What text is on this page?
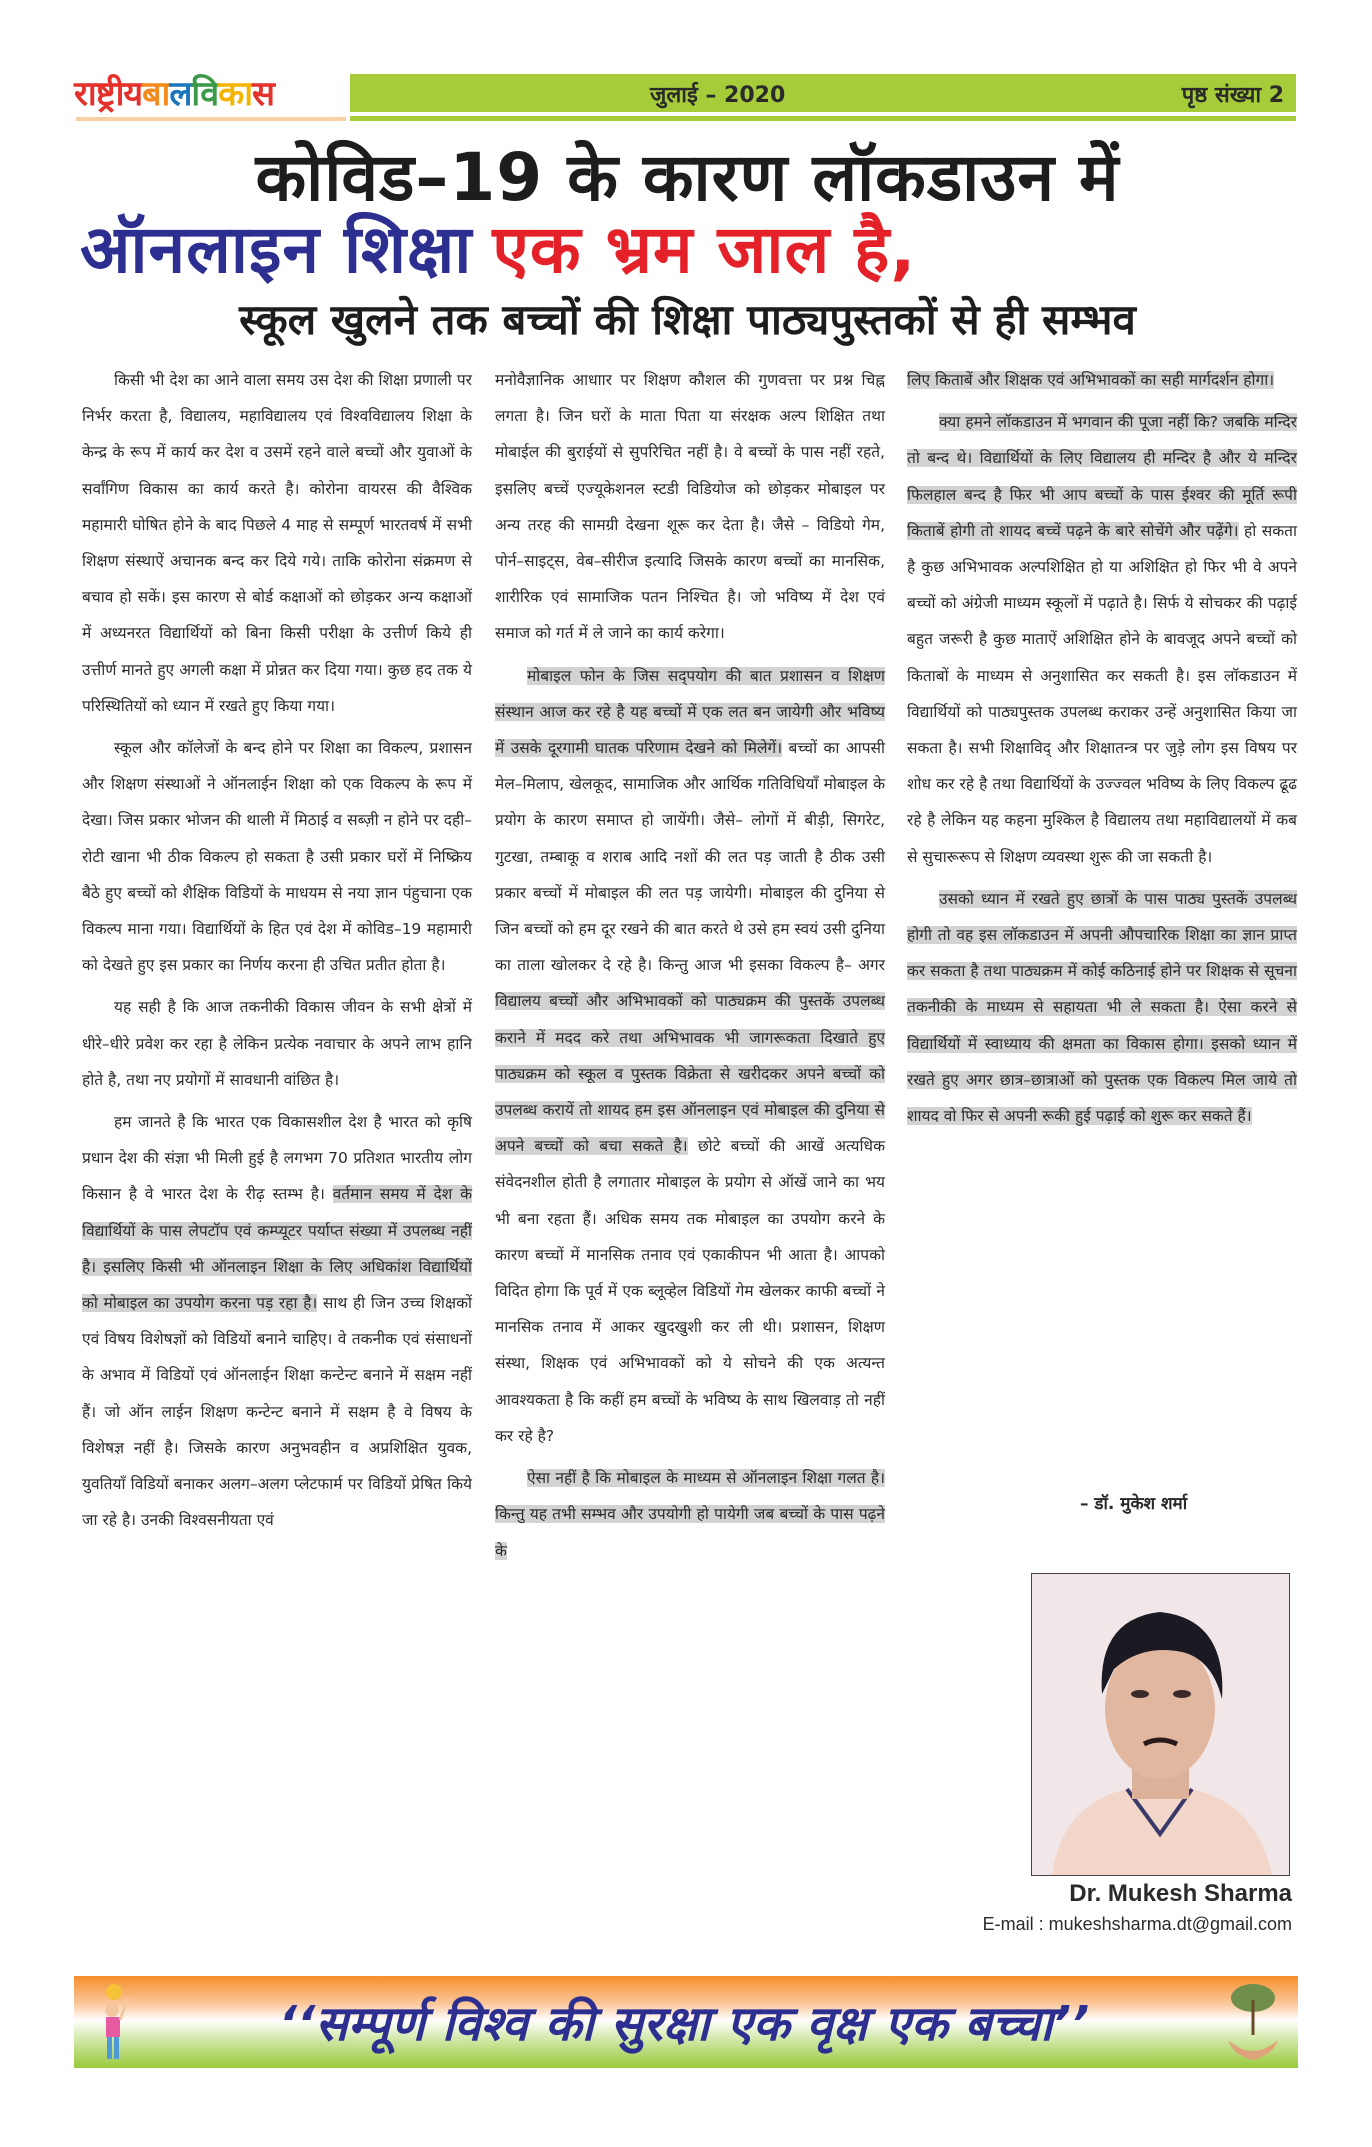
राष्ट्रीयबालविकास	जुलाई – 2020	पृष्ठ संख्या 2
कोविड–19 के कारण लॉकडाउन में
ऑनलाइन शिक्षा एक भ्रम जाल है,
स्कूल खुलने तक बच्चों की शिक्षा पाठ्यपुस्तकों से ही सम्भव

किसी भी देश का आने वाला समय उस देश की शिक्षा प्रणाली पर निर्भर करता है, विद्यालय, महाविद्यालय एवं विश्वविद्यालय शिक्षा के केन्द्र के रूप में कार्य कर देश व उसमें रहने वाले बच्चों और युवाओं के सर्वांगिण विकास का कार्य करते है। कोरोना वायरस की वैश्विक महामारी घोषित होने के बाद पिछले 4 माह से सम्पूर्ण भारतवर्ष में सभी शिक्षण संस्थाऐं अचानक बन्द कर दिये गये। ताकि कोरोना संक्रमण से बचाव हो सकें। इस कारण से बोर्ड कक्षाओं को छोड़कर अन्य कक्षाओं में अध्यनरत विद्यार्थियों को बिना किसी परीक्षा के उत्तीर्ण किये ही उत्तीर्ण मानते हुए अगली कक्षा में प्रोन्नत कर दिया गया। कुछ हद तक ये परिस्थितियों को ध्यान में रखते हुए किया गया।

स्कूल और कॉलेजों के बन्द होने पर शिक्षा का विकल्प, प्रशासन और शिक्षण संस्थाओं ने ऑनलाईन शिक्षा को एक विकल्प के रूप में देखा। जिस प्रकार भोजन की थाली में मिठाई व सब्ज़ी न होने पर दही–रोटी खाना भी ठीक विकल्प हो सकता है उसी प्रकार घरों में निष्क्रिय बैठे हुए बच्चों को शैक्षिक विडियों के माधयम से नया ज्ञान पंहुचाना एक विकल्प माना गया। विद्यार्थियों के हित एवं देश में कोविड–19 महामारी को देखते हुए इस प्रकार का निर्णय करना ही उचित प्रतीत होता है।

यह सही है कि आज तकनीकी विकास जीवन के सभी क्षेत्रों में धीरे–धीरे प्रवेश कर रहा है लेकिन प्रत्येक नवाचार के अपने लाभ हानि होते है, तथा नए प्रयोगों में सावधानी वांछित है।

हम जानते है कि भारत एक विकासशील देश है भारत को कृषि प्रधान देश की संज्ञा भी मिली हुई है लगभग 70 प्रतिशत भारतीय लोग किसान है वे भारत देश के रीढ़ स्तम्भ है। वर्तमान समय में देश के विद्यार्थियों के पास लेपटॉप एवं कम्प्यूटर पर्याप्त संख्या में उपलब्ध नहीं है। इसलिए किसी भी ऑनलाइन शिक्षा के लिए अधिकांश विद्यार्थियों को मोबाइल का उपयोग करना पड़ रहा है। साथ ही जिन उच्च शिक्षकों एवं विषय विशेषज्ञों को विडियों बनाने चाहिए। वे तकनीक एवं संसाधनों के अभाव में विडियों एवं ऑनलाईन शिक्षा कन्टेन्ट बनाने में सक्षम नहीं हैं। जो ऑन लाईन शिक्षण कन्टेन्ट बनाने में सक्षम है वे विषय के विशेषज्ञ नहीं है। जिसके कारण अनुभवहीन व अप्रशिक्षित युवक, युवतियाँ विडियों बनाकर अलग–अलग प्लेटफार्म पर विडियों प्रेषित किये जा रहे है। उनकी विश्वसनीयता एवं

मनोवैज्ञानिक आधाार पर शिक्षण कौशल की गुणवत्ता पर प्रश्न चिह्न लगता है। जिन घरों के माता पिता या संरक्षक अल्प शिक्षित तथा मोबाईल की बुराईयों से सुपरिचित नहीं है। वे बच्चों के पास नहीं रहते, इसलिए बच्चें एज्यूकेशनल स्टडी विडियोज को छोड़कर मोबाइल पर अन्य तरह की सामग्री देखना शूरू कर देता है। जैसे – विडियो गेम, पोर्न–साइट्स, वेब–सीरीज इत्यादि जिसके कारण बच्चों का मानसिक, शारीरिक एवं सामाजिक पतन निश्चित है। जो भविष्य में देश एवं समाज को गर्त में ले जाने का कार्य करेगा।

मोबाइल फोन के जिस सद्पयोग की बात प्रशासन व शिक्षण संस्थान आज कर रहे है यह बच्चों में एक लत बन जायेगी और भविष्य में उसके दूरगामी घातक परिणाम देखने को मिलेगें। बच्चों का आपसी मेल–मिलाप, खेलकूद, सामाजिक और आर्थिक गतिविधियाँ मोबाइल के प्रयोग के कारण समाप्त हो जायेंगी। जैसे– लोगों में बीड़ी, सिगरेट, गुटखा, तम्बाकू व शराब आदि नशों की लत पड़ जाती है ठीक उसी प्रकार बच्चों में मोबाइल की लत पड़ जायेगी। मोबाइल की दुनिया से जिन बच्चों को हम दूर रखने की बात करते थे उसे हम स्वयं उसी दुनिया का ताला खोलकर दे रहे है। किन्तु आज भी इसका विकल्प है– अगर विद्यालय बच्चों और अभिभावकों को पाठ्यक्रम की पुस्तकें उपलब्ध कराने में मदद करे तथा अभिभावक भी जागरूकता दिखाते हुए पाठ्यक्रम को स्कूल व पुस्तक विक्रेता से खरीदकर अपने बच्चों को उपलब्ध करायें तो शायद हम इस ऑनलाइन एवं मोबाइल की दुनिया से अपने बच्चों को बचा सकते है। छोटे बच्चों की आखें अत्यधिक संवेदनशील होती है लगातार मोबाइल के प्रयोग से ऑखें जाने का भय भी बना रहता हैं। अधिक समय तक मोबाइल का उपयोग करने के कारण बच्चों में मानसिक तनाव एवं एकाकीपन भी आता है। आपको विदित होगा कि पूर्व में एक ब्लूव्हेल विडियों गेम खेलकर काफी बच्चों ने मानसिक तनाव में आकर खुदखुशी कर ली थी। प्रशासन, शिक्षण संस्था, शिक्षक एवं अभिभावकों को ये सोचने की एक अत्यन्त आवश्यकता है कि कहीं हम बच्चों के भविष्य के साथ खिलवाड़ तो नहीं कर रहे है?

ऐसा नहीं है कि मोबाइल के माध्यम से ऑनलाइन शिक्षा गलत है। किन्तु यह तभी सम्भव और उपयोगी हो पायेगी जब बच्चों के पास पढ़ने के

लिए किताबें और शिक्षक एवं अभिभावकों का सही मार्गदर्शन होगा।

क्या हमने लॉकडाउन में भगवान की पूजा नहीं कि? जबकि मन्दिर तो बन्द थे। विद्यार्थियों के लिए विद्यालय ही मन्दिर है और ये मन्दिर फिलहाल बन्द है फिर भी आप बच्चों के पास ईश्वर की मूर्ति रूपी किताबें होगी तो शायद बच्चें पढ़ने के बारे सोचेंगे और पढ़ेंगे। हो सकता है कुछ अभिभावक अल्पशिक्षित हो या अशिक्षित हो फिर भी वे अपने बच्चों को अंग्रेजी माध्यम स्कूलों में पढ़ाते है। सिर्फ ये सोचकर की पढ़ाई बहुत जरूरी है कुछ माताऐं अशिक्षित होने के बावजूद अपने बच्चों को किताबों के माध्यम से अनुशासित कर सकती है। इस लॉकडाउन में विद्यार्थियों को पाठ्यपुस्तक उपलब्ध कराकर उन्हें अनुशासित किया जा सकता है। सभी शिक्षाविद् और शिक्षातन्त्र पर जुड़े लोग इस विषय पर शोध कर रहे है तथा विद्यार्थियों के उज्ज्वल भविष्य के लिए विकल्प ढूढ रहे है लेकिन यह कहना मुश्किल है विद्यालय तथा महाविद्यालयों में कब से सुचारूरूप से शिक्षण व्यवस्था शुरू की जा सकती है।

उसको ध्यान में रखते हुए छात्रों के पास पाठ्य पुस्तकें उपलब्ध होगी तो वह इस लॉकडाउन में अपनी औपचारिक शिक्षा का ज्ञान प्राप्त कर सकता है तथा पाठ्यक्रम में कोई कठिनाई होने पर शिक्षक से सूचना तकनीकी के माध्यम से सहायता भी ले सकता है। ऐसा करने से विद्यार्थियों में स्वाध्याय की क्षमता का विकास होगा। इसको ध्यान में रखते हुए अगर छात्र–छात्राओं को पुस्तक एक विकल्प मिल जाये तो शायद वो फिर से अपनी रूकी हुई पढ़ाई को शुरू कर सकते हैं।

– डॉ. मुकेश शर्मा
Dr. Mukesh Sharma
E-mail : mukeshsharma.dt@gmail.com
‘‘सम्पूर्ण विश्व की सुरक्षा एक वृक्ष एक बच्चा’’
